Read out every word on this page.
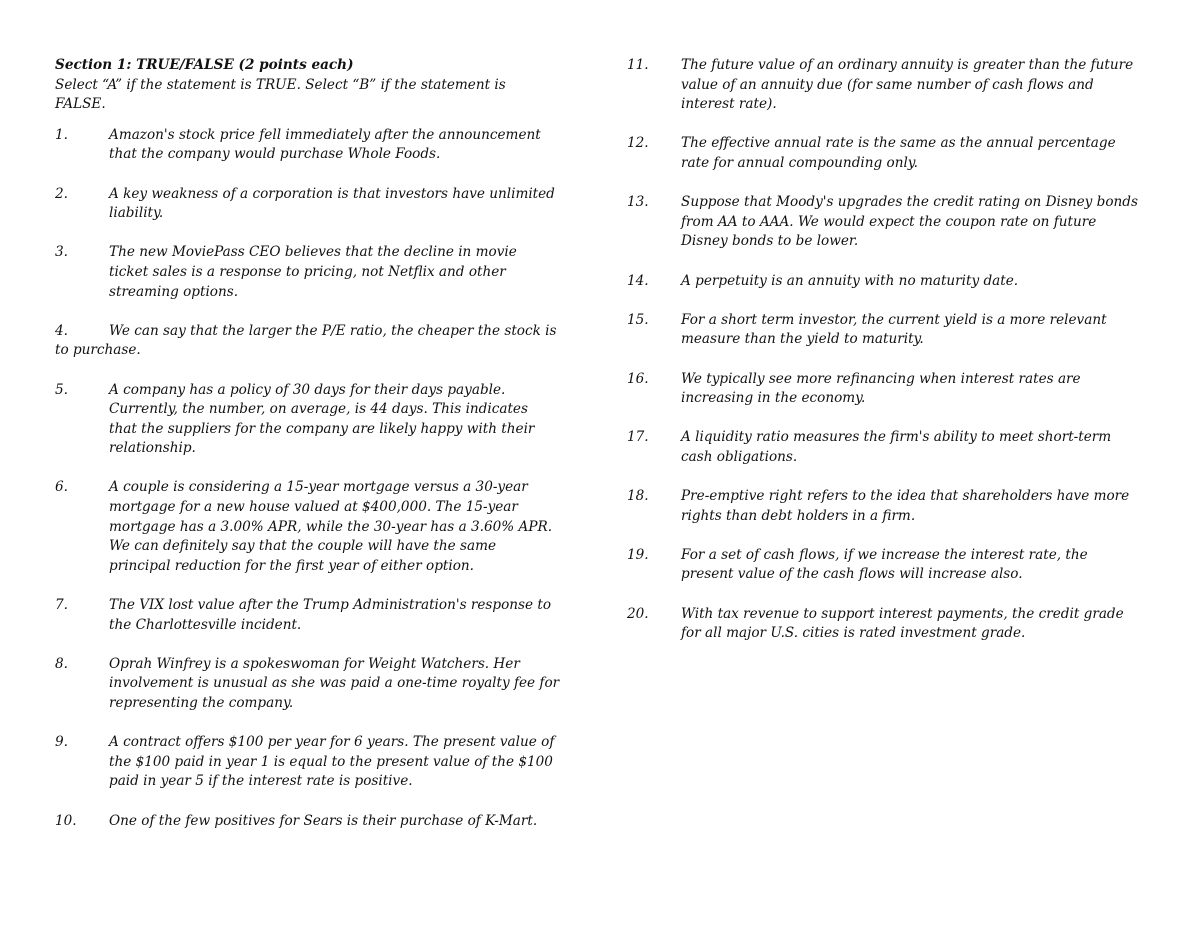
Section 1: TRUE/FALSE (2 points each)

Select “A” if the statement is TRUE. Select “B” if the statement is FALSE.

1.	Amazon's stock price fell immediately after the announcement that the company would purchase Whole Foods.
2.	A key weakness of a corporation is that investors have unlimited liability.
3.	The new MoviePass CEO believes that the decline in movie ticket sales is a response to pricing, not Netflix and other streaming options.
4.	We can say that the larger the P/E ratio, the cheaper the stock is to purchase.
5.	A company has a policy of 30 days for their days payable. Currently, the number, on average, is 44 days. This indicates that the suppliers for the company are likely happy with their relationship.
6.	A couple is considering a 15-year mortgage versus a 30-year mortgage for a new house valued at $400,000. The 15-year mortgage has a 3.00% APR, while the 30-year has a 3.60% APR. We can definitely say that the couple will have the same principal reduction for the first year of either option.
7.	The VIX lost value after the Trump Administration's response to the Charlottesville incident.
8.	Oprah Winfrey is a spokeswoman for Weight Watchers. Her involvement is unusual as she was paid a one-time royalty fee for representing the company.
9.	A contract offers $100 per year for 6 years. The present value of the $100 paid in year 1 is equal to the present value of the $100 paid in year 5 if the interest rate is positive.
10.	One of the few positives for Sears is their purchase of K-Mart.
11.	The future value of an ordinary annuity is greater than the future value of an annuity due (for same number of cash flows and interest rate).
12.	The effective annual rate is the same as the annual percentage rate for annual compounding only.
13.	Suppose that Moody's upgrades the credit rating on Disney bonds from AA to AAA. We would expect the coupon rate on future Disney bonds to be lower.
14.	A perpetuity is an annuity with no maturity date.
15.	For a short term investor, the current yield is a more relevant measure than the yield to maturity.
16.	We typically see more refinancing when interest rates are increasing in the economy.
17.	A liquidity ratio measures the firm's ability to meet short-term cash obligations.
18.	Pre-emptive right refers to the idea that shareholders have more rights than debt holders in a firm.
19.	For a set of cash flows, if we increase the interest rate, the present value of the cash flows will increase also.
20.	With tax revenue to support interest payments, the credit grade for all major U.S. cities is rated investment grade.
